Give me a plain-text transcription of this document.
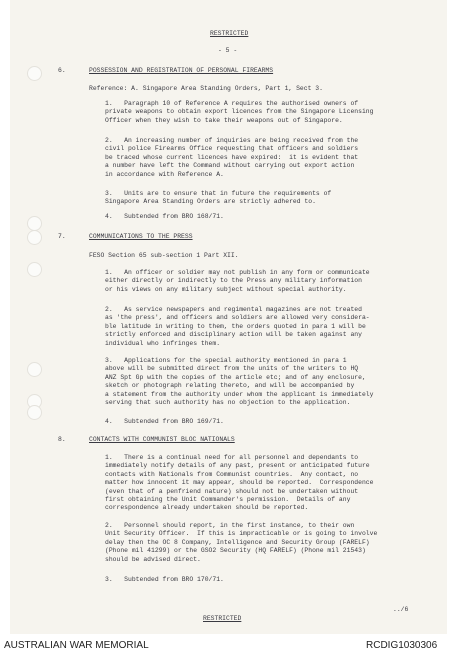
RESTRICTED

- 5 -

6.	POSSESSION AND REGISTRATION OF PERSONAL FIREARMS

Reference: A. Singapore Area Standing Orders, Part 1, Sect 3.

1.   Paragraph 10 of Reference A requires the authorised owners of
private weapons to obtain export licences from the Singapore Licensing
Officer when they wish to take their weapons out of Singapore.

2.   An increasing number of inquiries are being received from the
civil police Firearms Office requesting that officers and soldiers
be traced whose current licences have expired:  it is evident that
a number have left the Command without carrying out export action
in accordance with Reference A.

3.   Units are to ensure that in future the requirements of
Singapore Area Standing Orders are strictly adhered to.

4.   Subtended from BRO 168/71.

7.	COMMUNICATIONS TO THE PRESS

FESO Section 65 sub-section 1 Part XII.

1.   An officer or soldier may not publish in any form or communicate
either directly or indirectly to the Press any military information
or his views on any military subject without special authority.

2.   As service newspapers and regimental magazines are not treated
as 'the press', and officers and soldiers are allowed very considera-
ble latitude in writing to them, the orders quoted in para 1 will be
strictly enforced and disciplinary action will be taken against any
individual who infringes them.

3.   Applications for the special authority mentioned in para 1
above will be submitted direct from the units of the writers to HQ
ANZ Spt Gp with the copies of the article etc; and of any enclosure,
sketch or photograph relating thereto, and will be accompanied by
a statement from the authority under whom the applicant is immediately
serving that such authority has no objection to the application.

4.   Subtended from BRO 169/71.

8.	CONTACTS WITH COMMUNIST BLOC NATIONALS

1.   There is a continual need for all personnel and dependants to
immediately notify details of any past, present or anticipated future
contacts with Nationals from Communist countries.  Any contact, no
matter how innocent it may appear, should be reported.  Correspondence
(even that of a penfriend nature) should not be undertaken without
first obtaining the Unit Commander's permission.  Details of any
correspondence already undertaken should be reported.

2.   Personnel should report, in the first instance, to their own
Unit Security Officer.  If this is impracticable or is going to involve
delay then the OC 8 Company, Intelligence and Security Group (FARELF)
(Phone mil 41299) or the GSO2 Security (HQ FARELF) (Phone mil 21543)
should be advised direct.

3.   Subtended from BRO 170/71.

../6

RESTRICTED

AUSTRALIAN WAR MEMORIAL	RCDIG1030306
